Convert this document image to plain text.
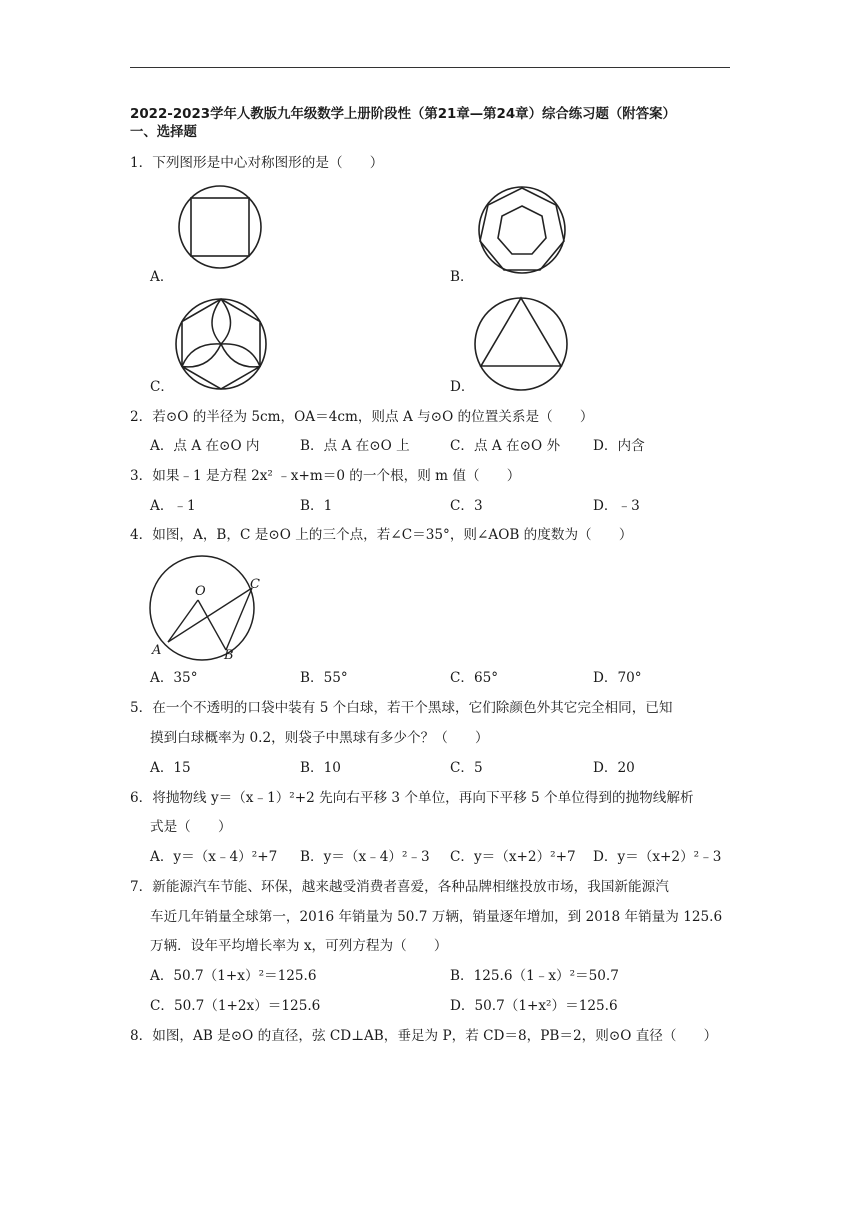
2022-2023学年人教版九年级数学上册阶段性（第21章—第24章）综合练习题（附答案）
一、选择题
1．下列图形是中心对称图形的是（　　）
A．	B．
C．	D．
2．若⊙O 的半径为 5cm，OA＝4cm，则点 A 与⊙O 的位置关系是（　　）
A．点 A 在⊙O 内	B．点 A 在⊙O 上	C．点 A 在⊙O 外 D．内含
3．如果﹣1 是方程 2x² ﹣x+m＝0 的一个根，则 m 值（　　）
A．﹣1	B．1	C．3	D．﹣3
4．如图，A，B，C 是⊙O 上的三个点，若∠C＝35°，则∠AOB 的度数为（　　）
O	C
A	B
A．35°	B．55°	C．65°	D．70°
5．在一个不透明的口袋中装有 5 个白球，若干个黑球，它们除颜色外其它完全相同，已知
摸到白球概率为 0.2，则袋子中黑球有多少个？（　　）
A．15	B．10	C．5	D．20
6．将抛物线 y＝（x﹣1）²+2 先向右平移 3 个单位，再向下平移 5 个单位得到的抛物线解析
式是（　　）
A．y＝（x﹣4）²+7 B．y＝（x﹣4）²﹣3 C．y＝（x+2）²+7 D．y＝（x+2）²﹣3
7．新能源汽车节能、环保，越来越受消费者喜爱，各种品牌相继投放市场，我国新能源汽
车近几年销量全球第一，2016 年销量为 50.7 万辆，销量逐年增加，到 2018 年销量为 125.6
万辆．设年平均增长率为 x，可列方程为（　　）
A．50.7（1+x）²＝125.6	B．125.6（1﹣x）²＝50.7
C．50.7（1+2x）＝125.6	D．50.7（1+x²）＝125.6
8．如图，AB 是⊙O 的直径，弦 CD⊥AB，垂足为 P，若 CD＝8，PB＝2，则⊙O 直径（　　）
